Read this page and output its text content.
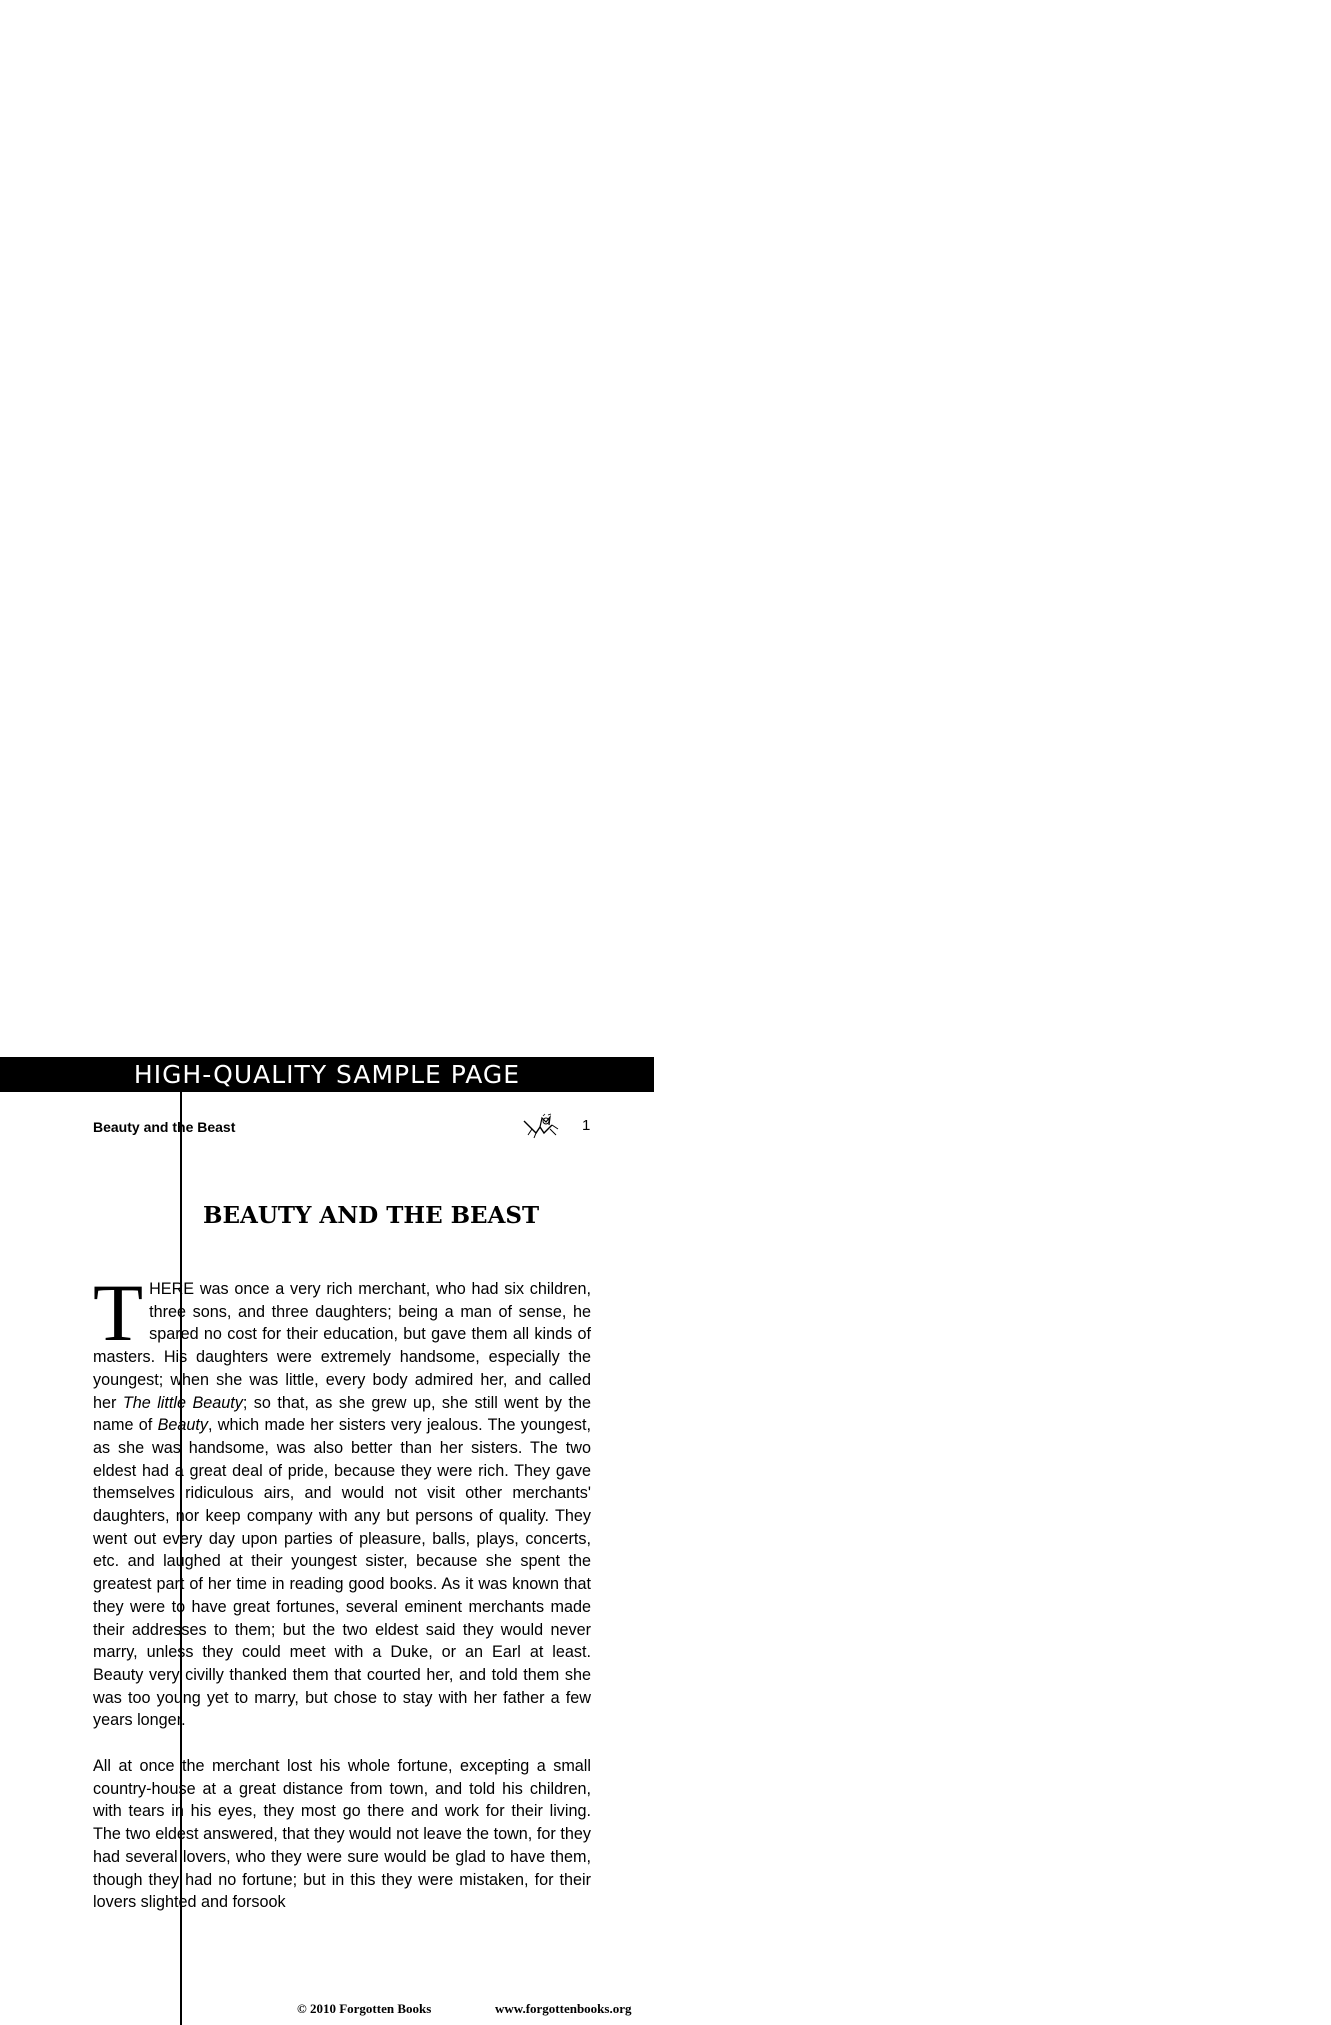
HIGH-QUALITY SAMPLE PAGE
Beauty and the Beast	1
BEAUTY AND THE BEAST

THERE was once a very rich merchant, who had six children, three sons, and three daughters; being a man of sense, he spared no cost for their education, but gave them all kinds of masters. His daughters were extremely handsome, especially the youngest; when she was little, every body admired her, and called her The little Beauty; so that, as she grew up, she still went by the name of Beauty, which made her sisters very jealous. The youngest, as she was handsome, was also better than her sisters. The two eldest had a great deal of pride, because they were rich. They gave themselves ridiculous airs, and would not visit other merchants' daughters, nor keep company with any but persons of quality. They went out every day upon parties of pleasure, balls, plays, concerts, etc. and laughed at their youngest sister, because she spent the greatest part of her time in reading good books. As it was known that they were to have great fortunes, several eminent merchants made their addresses to them; but the two eldest said they would never marry, unless they could meet with a Duke, or an Earl at least. Beauty very civilly thanked them that courted her, and told them she was too young yet to marry, but chose to stay with her father a few years longer.

All at once the merchant lost his whole fortune, excepting a small country-house at a great distance from town, and told his children, with tears in his eyes, they most go there and work for their living. The two eldest answered, that they would not leave the town, for they had several lovers, who they were sure would be glad to have them, though they had no fortune; but in this they were mistaken, for their lovers slighted and forsook

© 2010 Forgotten Books	www.forgottenbooks.org
